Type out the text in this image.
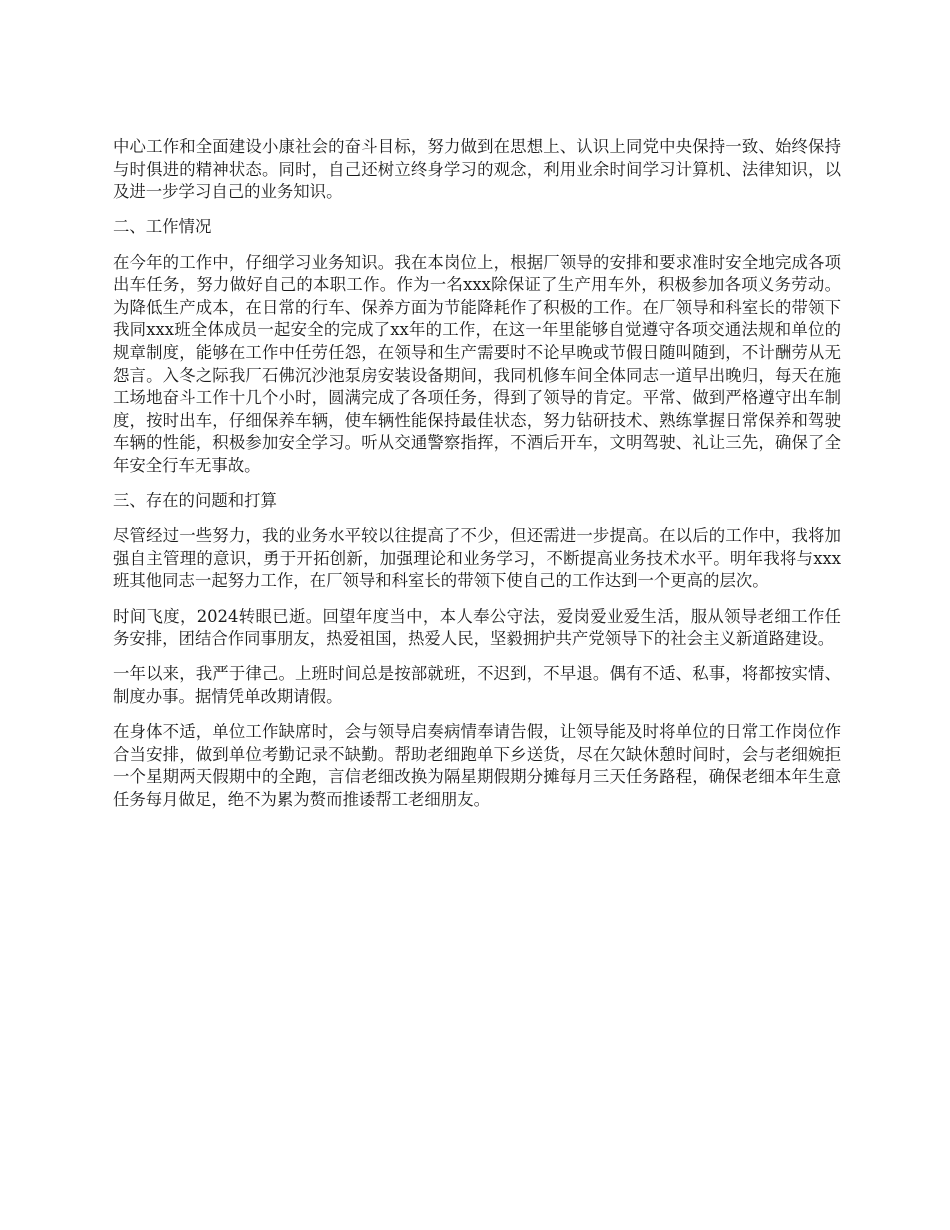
中心工作和全面建设小康社会的奋斗目标，努力做到在思想上、认识上同党中央保持一致、始终保持与时俱进的精神状态。同时，自己还树立终身学习的观念，利用业余时间学习计算机、法律知识，以及进一步学习自己的业务知识。

二、工作情况

在今年的工作中，仔细学习业务知识。我在本岗位上，根据厂领导的安排和要求准时安全地完成各项出车任务，努力做好自己的本职工作。作为一名xxx除保证了生产用车外，积极参加各项义务劳动。为降低生产成本，在日常的行车、保养方面为节能降耗作了积极的工作。在厂领导和科室长的带领下我同xxx班全体成员一起安全的完成了xx年的工作，在这一年里能够自觉遵守各项交通法规和单位的规章制度，能够在工作中任劳任怨，在领导和生产需要时不论早晚或节假日随叫随到，不计酬劳从无怨言。入冬之际我厂石佛沉沙池泵房安装设备期间，我同机修车间全体同志一道早出晚归，每天在施工场地奋斗工作十几个小时，圆满完成了各项任务，得到了领导的肯定。平常、做到严格遵守出车制度，按时出车，仔细保养车辆，使车辆性能保持最佳状态，努力钻研技术、熟练掌握日常保养和驾驶车辆的性能，积极参加安全学习。听从交通警察指挥，不酒后开车，文明驾驶、礼让三先，确保了全年安全行车无事故。

三、存在的问题和打算

尽管经过一些努力，我的业务水平较以往提高了不少，但还需进一步提高。在以后的工作中，我将加强自主管理的意识，勇于开拓创新，加强理论和业务学习，不断提高业务技术水平。明年我将与xxx班其他同志一起努力工作，在厂领导和科室长的带领下使自己的工作达到一个更高的层次。

时间飞度，2024转眼已逝。回望年度当中，本人奉公守法，爱岗爱业爱生活，服从领导老细工作任务安排，团结合作同事朋友，热爱祖国，热爱人民，坚毅拥护共产党领导下的社会主义新道路建设。

一年以来，我严于律己。上班时间总是按部就班，不迟到，不早退。偶有不适、私事，将都按实情、制度办事。据情凭单改期请假。

在身体不适，单位工作缺席时，会与领导启奏病情奉请告假，让领导能及时将单位的日常工作岗位作合当安排，做到单位考勤记录不缺勤。帮助老细跑单下乡送货，尽在欠缺休憩时间时，会与老细婉拒一个星期两天假期中的全跑，言信老细改换为隔星期假期分摊每月三天任务路程，确保老细本年生意任务每月做足，绝不为累为赘而推诿帮工老细朋友。
